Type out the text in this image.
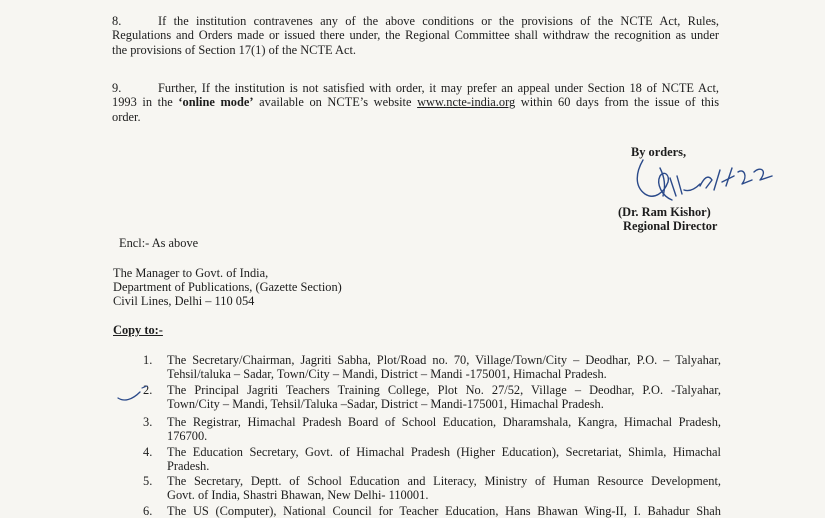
8.	If the institution contravenes any of the above conditions or the provisions of the NCTE Act, Rules,
Regulations and Orders made or issued there under, the Regional Committee shall withdraw the recognition as under
the provisions of Section 17(1) of the NCTE Act.
9.	Further, If the institution is not satisfied with order, it may prefer an appeal under Section 18 of NCTE Act,
1993 in the ‘online mode’ available on NCTE’s website www.ncte-india.org within 60 days from the issue of this
order.
By orders,
(Dr. Ram Kishor)
Regional Director
Encl:- As above
The Manager to Govt. of India,
Department of Publications, (Gazette Section)
Civil Lines, Delhi – 110 054
Copy to:-
1. The Secretary/Chairman, Jagriti Sabha, Plot/Road no. 70, Village/Town/City – Deodhar, P.O. – Talyahar,
Tehsil/taluka – Sadar, Town/City – Mandi, District – Mandi -175001, Himachal Pradesh.
2. The Principal Jagriti Teachers Training College, Plot No. 27/52, Village – Deodhar, P.O. -Talyahar,
Town/City – Mandi, Tehsil/Taluka –Sadar, District – Mandi-175001, Himachal Pradesh.
3. The Registrar, Himachal Pradesh Board of School Education, Dharamshala, Kangra, Himachal Pradesh,
176700.
4. The Education Secretary, Govt. of Himachal Pradesh (Higher Education), Secretariat, Shimla, Himachal
Pradesh.
5. The Secretary, Deptt. of School Education and Literacy, Ministry of Human Resource Development,
Govt. of India, Shastri Bhawan, New Delhi- 110001.
6. The US (Computer), National Council for Teacher Education, Hans Bhawan Wing-II, I. Bahadur Shah
